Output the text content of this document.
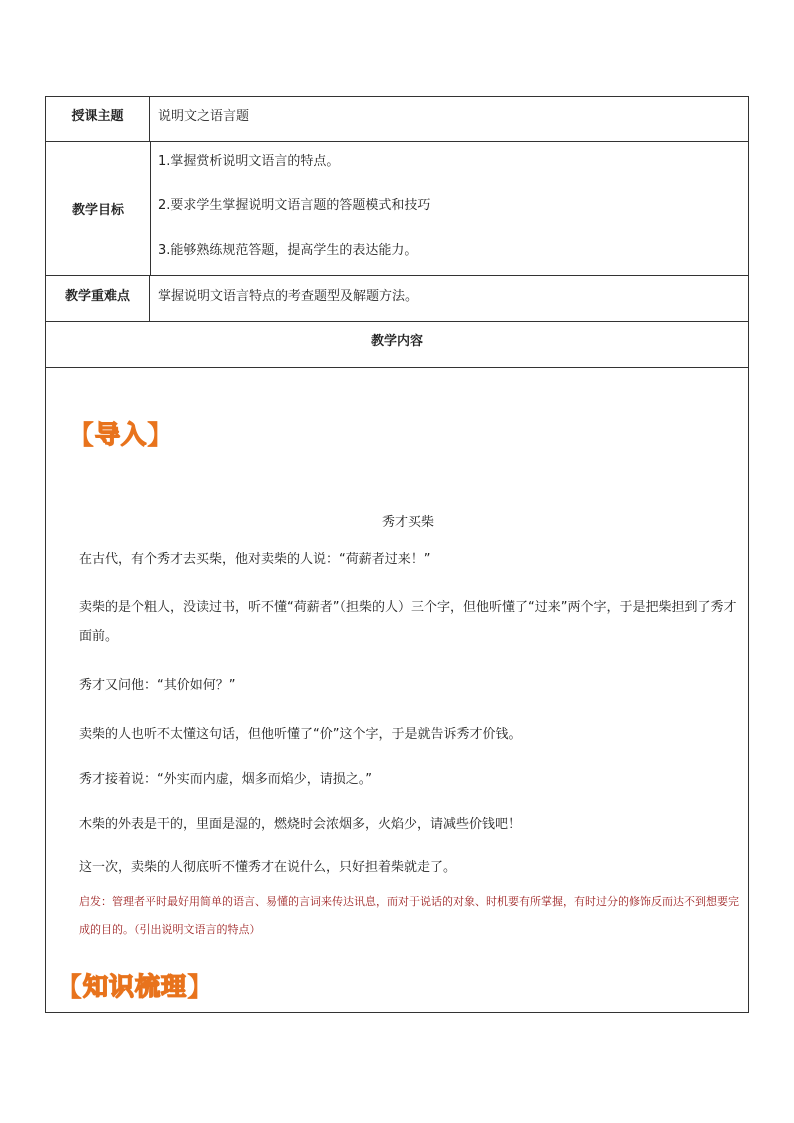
授课主题	说明文之语言题
教学目标
1.掌握赏析说明文语言的特点。
2.要求学生掌握说明文语言题的答题模式和技巧
3.能够熟练规范答题，提高学生的表达能力。
教学重难点	掌握说明文语言特点的考查题型及解题方法。
教学内容
【 导入 】
秀才买柴
在古代，有个秀才去买柴，他对卖柴的人说：“荷薪者过来！”
卖柴的是个粗人，没读过书，听不懂“荷薪者”（担柴的人）三个字，但他听懂了“过来”两个字，于是把柴担到了秀才面前。
秀才又问他：“其价如何？”
卖柴的人也听不太懂这句话，但他听懂了“价”这个字，于是就告诉秀才价钱。
秀才接着说：“外实而内虚，烟多而焰少，请损之。”
木柴的外表是干的，里面是湿的，燃烧时会浓烟多，火焰少，请减些价钱吧！
这一次，卖柴的人彻底听不懂秀才在说什么，只好担着柴就走了。
启发：管理者平时最好用简单的语言、易懂的言词来传达讯息，而对于说话的对象、时机要有所掌握，有时过分的修饰反而达不到想要完成的目的。（引出说明文语言的特点）
【 知识梳理 】
